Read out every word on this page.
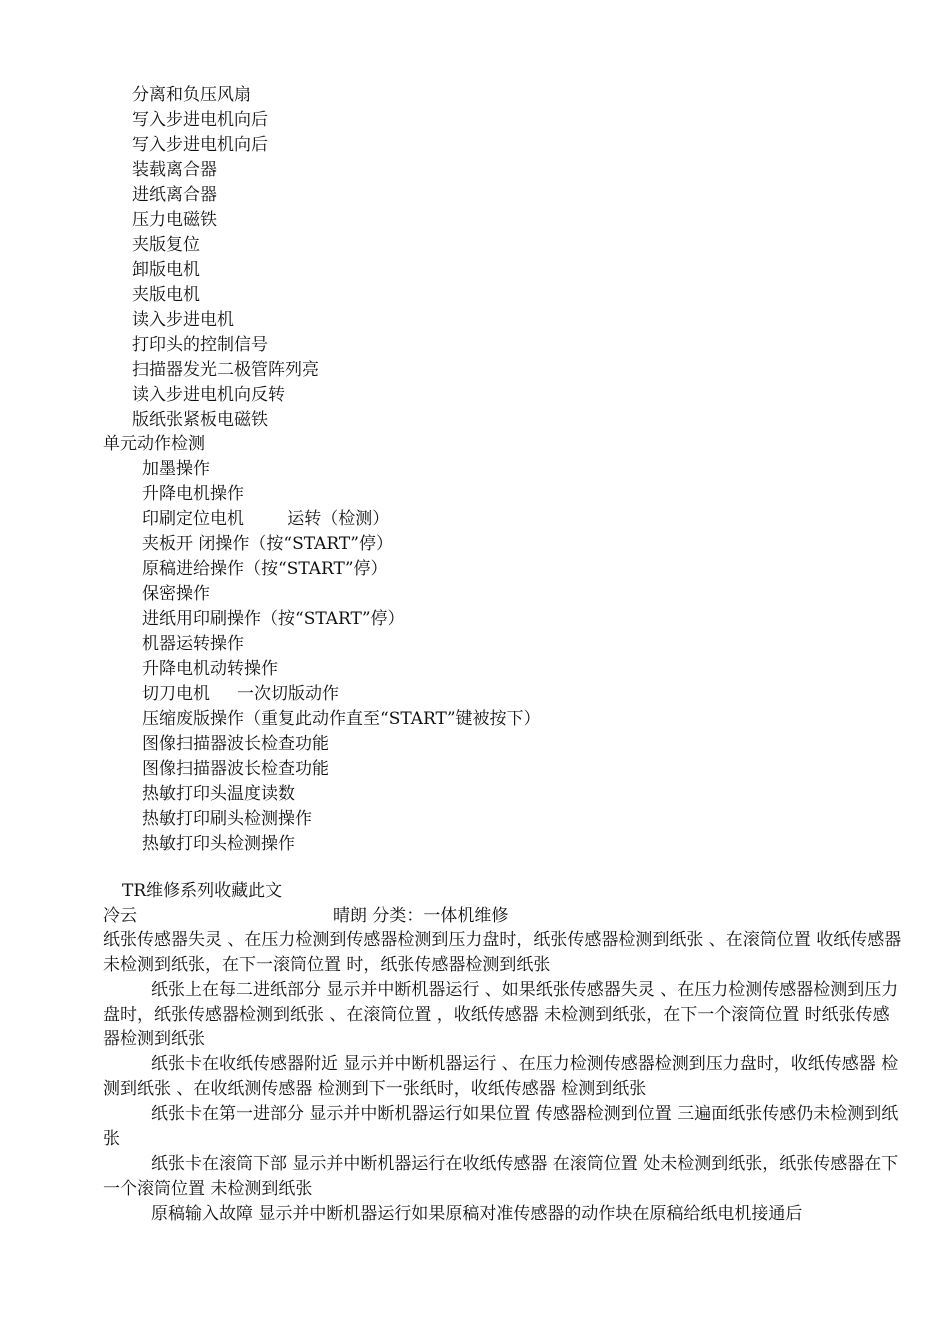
分离和负压风扇
写入步进电机向后
写入步进电机向后
装载离合器
进纸离合器
压力电磁铁
夹版复位
卸版电机
夹版电机
读入步进电机
打印头的控制信号
扫描器发光二极管阵列亮
读入步进电机向反转
版纸张紧板电磁铁
单元动作检测
加墨操作
升降电机操作
印刷定位电机        运转（检测）
夹板开 闭操作（按“START”停）
原稿进给操作（按“START”停）
保密操作
进纸用印刷操作（按“START”停）
机器运转操作
升降电机动转操作
切刀电机     一次切版动作
压缩废版操作（重复此动作直至“START”键被按下）
图像扫描器波长检查功能
图像扫描器波长检查功能
热敏打印头温度读数
热敏打印刷头检测操作
热敏打印头检测操作
TR维修系列收藏此文
冷云	晴朗 分类：一体机维修
纸张传感器失灵 、在压力检测到传感器检测到压力盘时，纸张传感器检测到纸张 、在滚筒位置 收纸传感器 未检测到纸张，在下一滚筒位置 时，纸张传感器检测到纸张
纸张上在每二进纸部分 显示并中断机器运行 、如果纸张传感器失灵 、在压力检测传感器检测到压力盘时，纸张传感器检测到纸张 、在滚筒位置 ，收纸传感器 未检测到纸张，在下一个滚筒位置 时纸张传感器检测到纸张
纸张卡在收纸传感器附近 显示并中断机器运行 、在压力检测传感器检测到压力盘时，收纸传感器 检测到纸张 、在收纸测传感器 检测到下一张纸时，收纸传感器 检测到纸张
纸张卡在第一进部分 显示并中断机器运行如果位置 传感器检测到位置 三遍面纸张传感仍未检测到纸张
纸张卡在滚筒下部 显示并中断机器运行在收纸传感器 在滚筒位置 处未检测到纸张，纸张传感器在下一个滚筒位置 未检测到纸张
原稿输入故障 显示并中断机器运行如果原稿对准传感器的动作块在原稿给纸电机接通后
